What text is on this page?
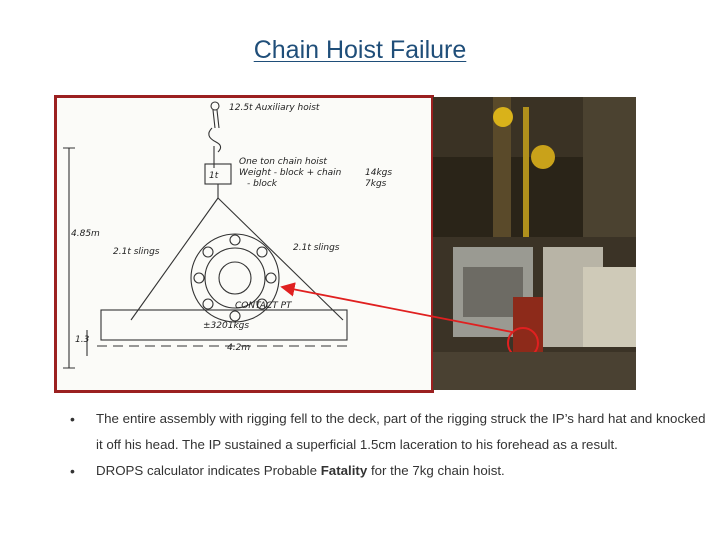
Chain Hoist Failure
12.5t Auxiliary hoist
1t
One ton chain hoist
Weight - block + chain
- block
14kgs
7kgs
4.85m
2.1t slings	2.1t slings
CONTACT PT
±3201kgs
4.2m
1.3
• The entire assembly with rigging fell to the deck, part of the rigging struck the IP’s hard hat and knocked it off his head. The IP sustained a superficial 1.5cm laceration to his forehead as a result.
• DROPS calculator indicates Probable Fatality for the 7kg chain hoist.
